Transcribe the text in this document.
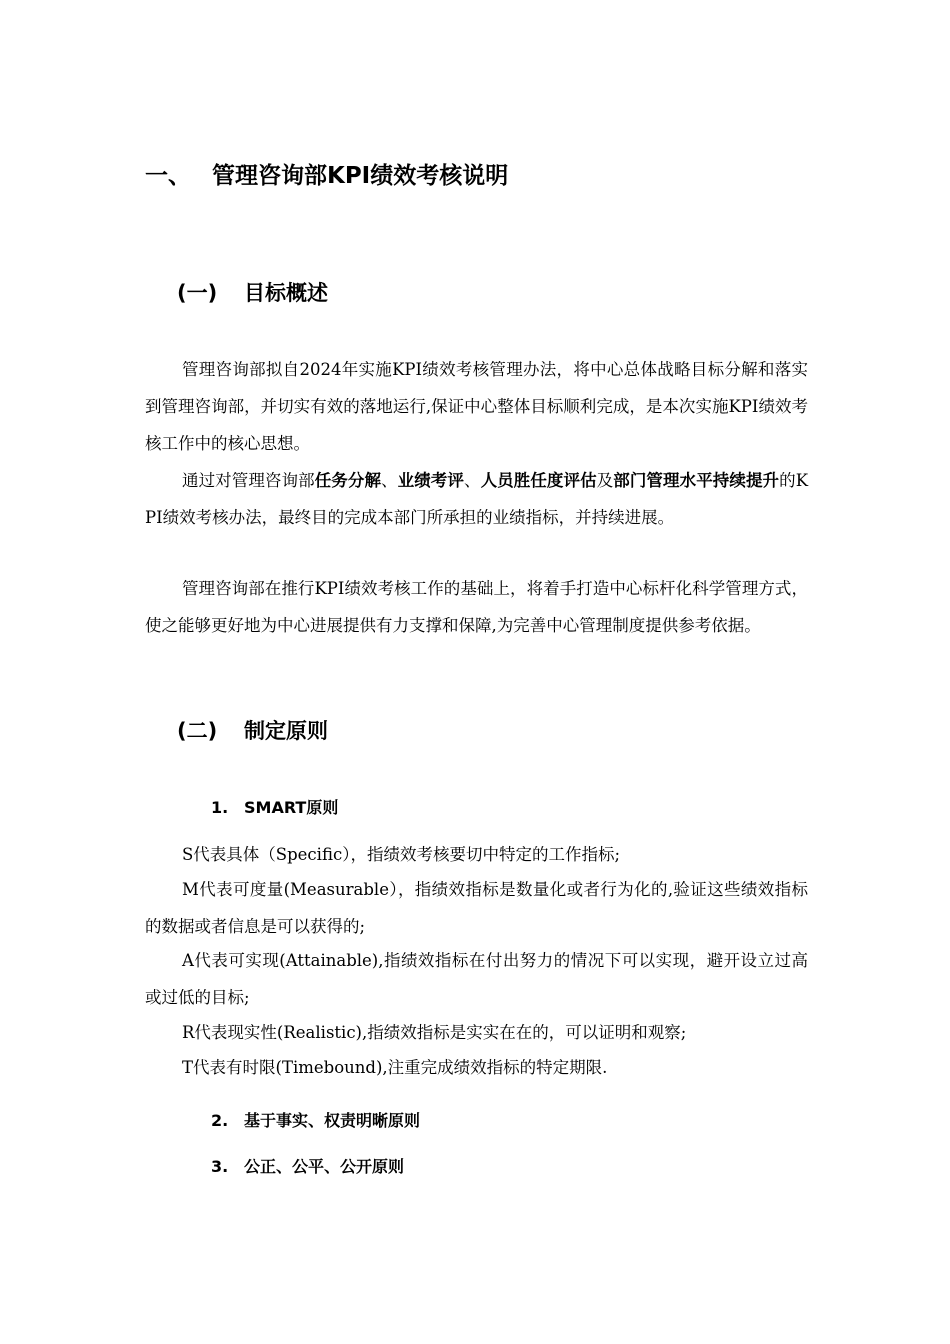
一、 管理咨询部KPI绩效考核说明
(一) 目标概述

管理咨询部拟自2024年实施KPI绩效考核管理办法，将中心总体战略目标分解和落实到管理咨询部，并切实有效的落地运行,保证中心整体目标顺利完成，是本次实施KPI绩效考核工作中的核心思想。

通过对管理咨询部任务分解、业绩考评、人员胜任度评估及部门管理水平持续提升的KPI绩效考核办法，最终目的完成本部门所承担的业绩指标，并持续进展。

管理咨询部在推行KPI绩效考核工作的基础上，将着手打造中心标杆化科学管理方式，使之能够更好地为中心进展提供有力支撑和保障,为完善中心管理制度提供参考依据。

(二) 制定原则
1. SMART原则

S代表具体（Specific），指绩效考核要切中特定的工作指标;

M代表可度量(Measurable），指绩效指标是数量化或者行为化的,验证这些绩效指标的数据或者信息是可以获得的;

A代表可实现(Attainable),指绩效指标在付出努力的情况下可以实现，避开设立过高或过低的目标;

R代表现实性(Realistic),指绩效指标是实实在在的，可以证明和观察;

T代表有时限(Timebound),注重完成绩效指标的特定期限.

2. 基于事实、权责明晰原则
3. 公正、公平、公开原则
